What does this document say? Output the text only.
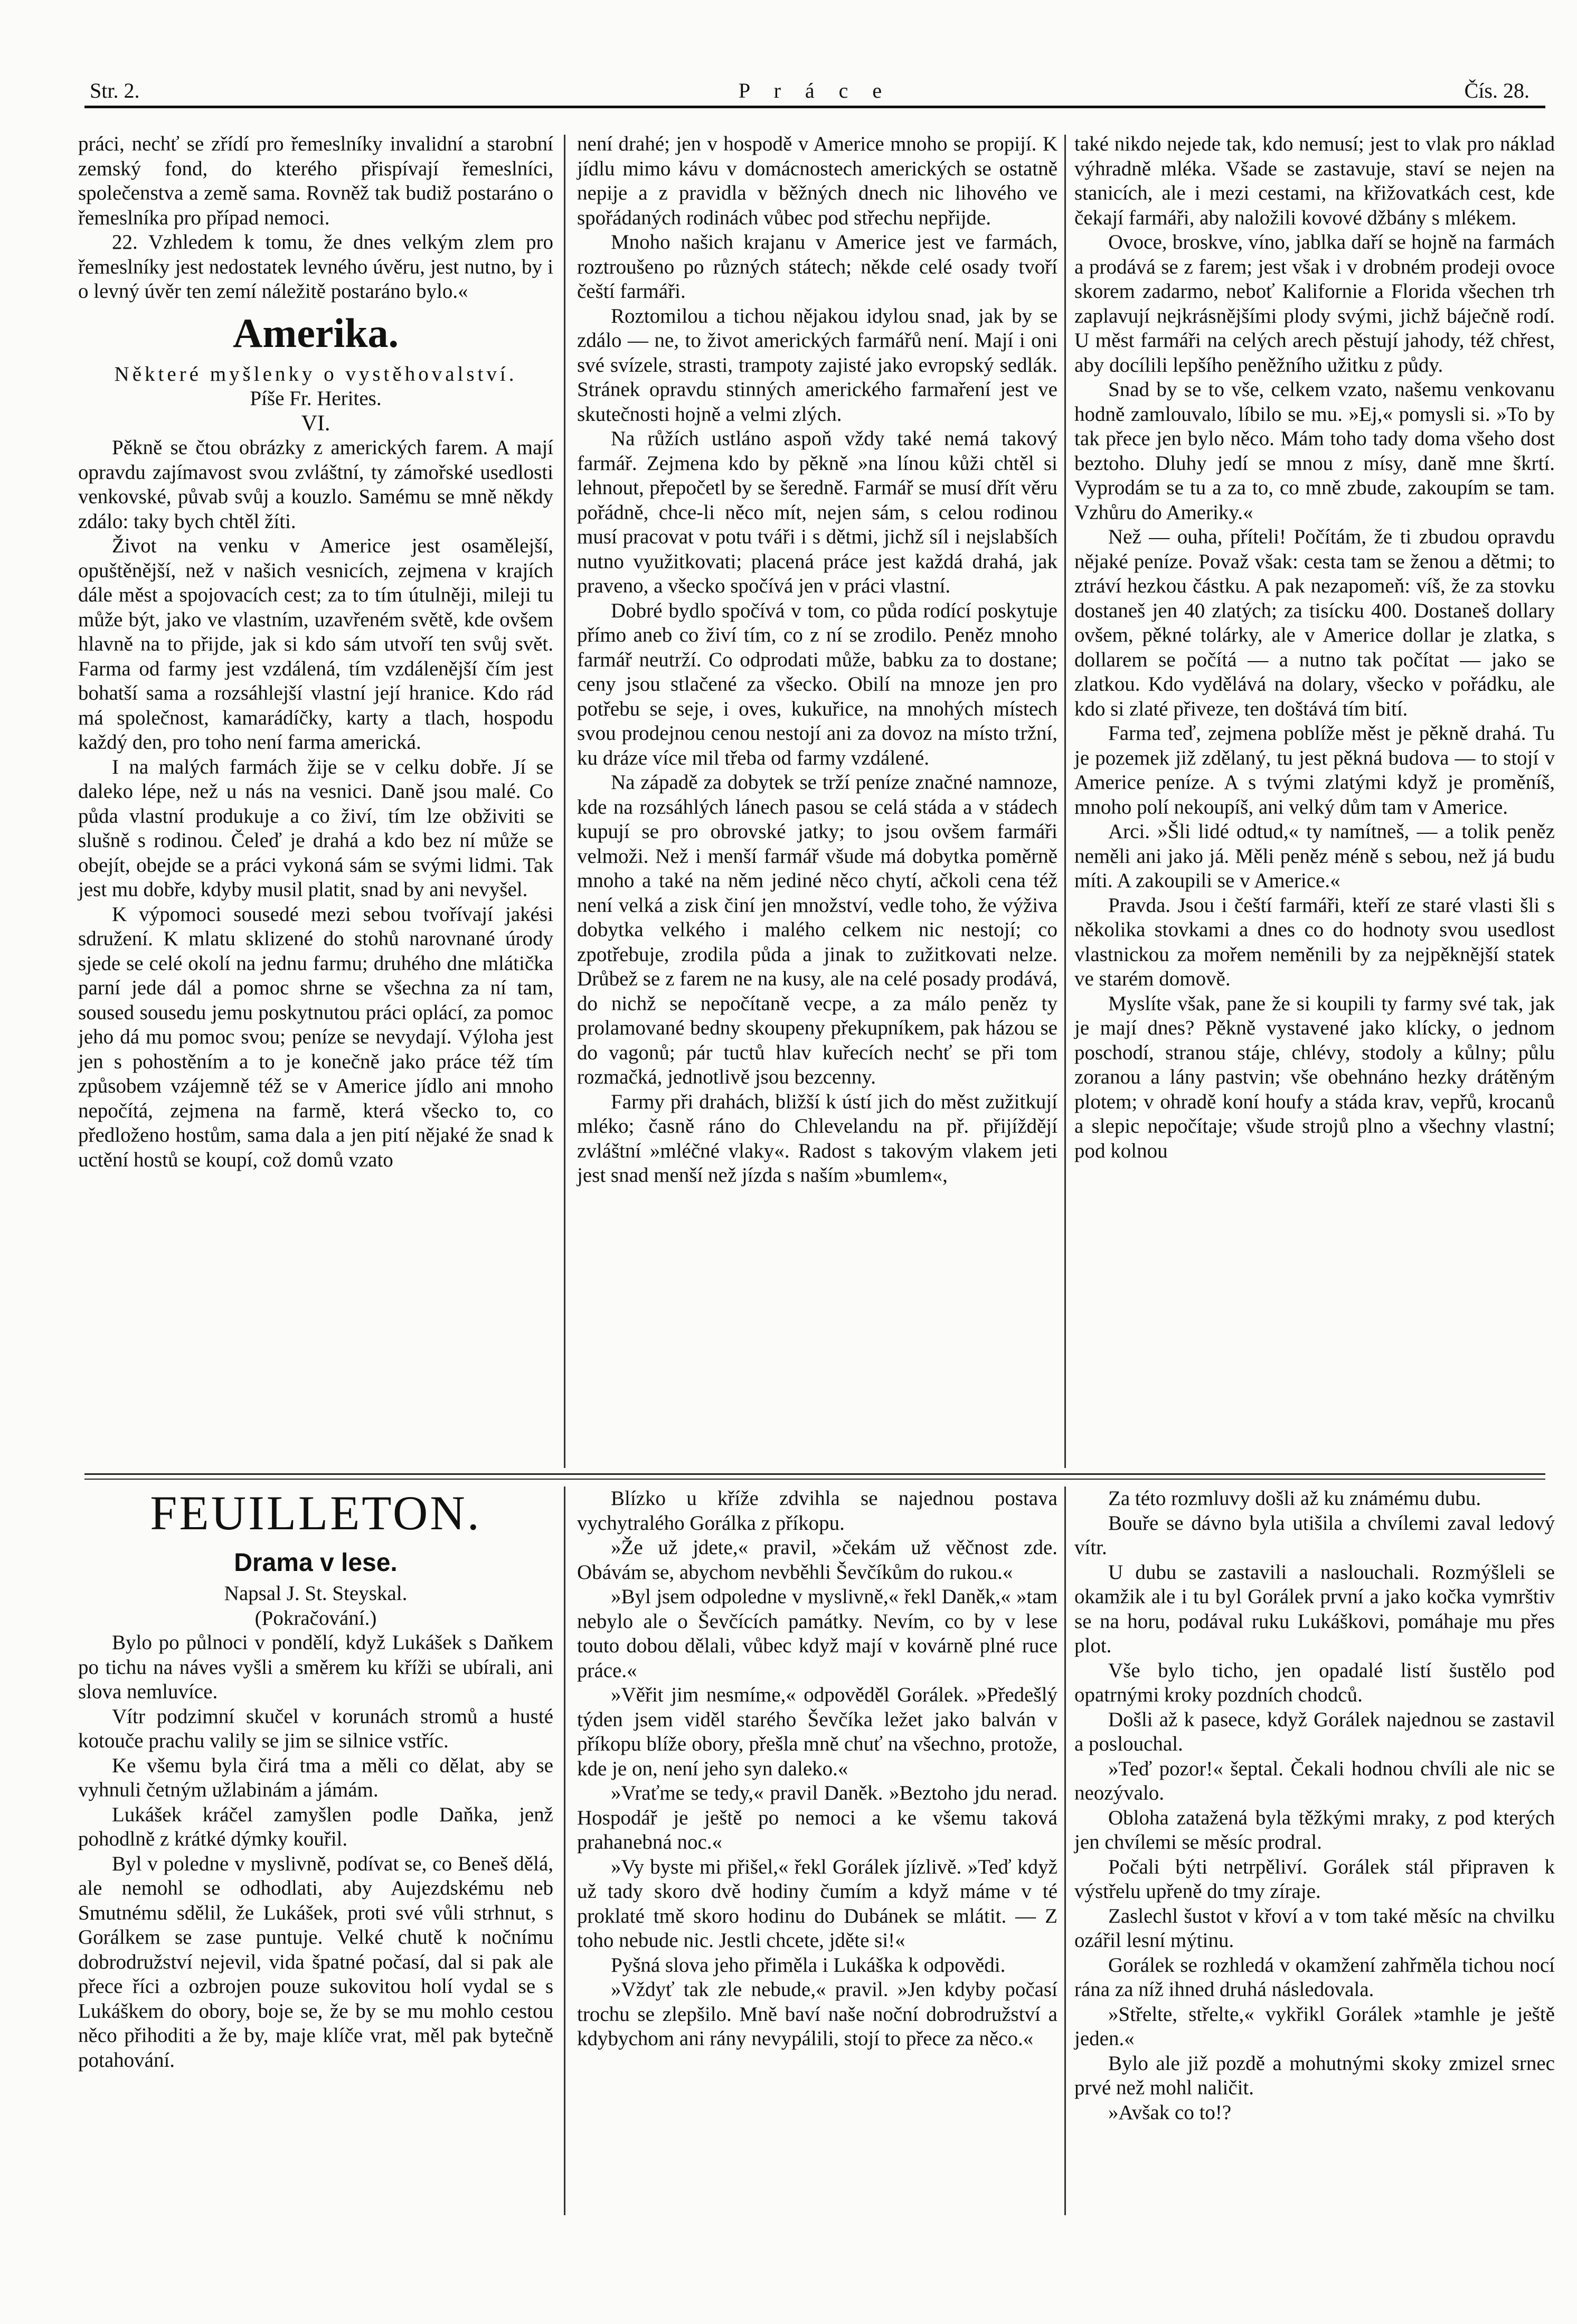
Str. 2.	P r á c e	Čís. 28.

práci, nechť se zřídí pro řemeslníky invalidní a starobní zemský fond, do kterého přispívají řemeslníci, společenstva a země sama. Rovněž tak budiž postaráno o řemeslníka pro případ nemoci.

22. Vzhledem k tomu, že dnes velkým zlem pro řemeslníky jest nedostatek levného úvěru, jest nutno, by i o levný úvěr ten zemí náležitě postaráno bylo.«

Amerika.

Některé myšlenky o vystěhovalství.

Píše Fr. Herites.

VI.

Pěkně se čtou obrázky z amerických farem. A mají opravdu zajímavost svou zvláštní, ty zámořské usedlosti venkovské, půvab svůj a kouzlo. Samému se mně někdy zdálo: taky bych chtěl žíti.

Život na venku v Americe jest osamělejší, opuštěnější, než v našich vesnicích, zejmena v krajích dále měst a spojovacích cest; za to tím útulněji, mileji tu může být, jako ve vlastním, uzavřeném světě, kde ovšem hlavně na to přijde, jak si kdo sám utvoří ten svůj svět. Farma od farmy jest vzdálená, tím vzdálenější čím jest bohatší sama a rozsáhlejší vlastní její hranice. Kdo rád má společnost, kamarádíčky, karty a tlach, hospodu každý den, pro toho není farma americká.

I na malých farmách žije se v celku dobře. Jí se daleko lépe, než u nás na vesnici. Daně jsou malé. Co půda vlastní produkuje a co živí, tím lze obživiti se slušně s rodinou. Čeleď je drahá a kdo bez ní může se obejít, obejde se a práci vykoná sám se svými lidmi. Tak jest mu dobře, kdyby musil platit, snad by ani nevyšel.

K výpomoci sousedé mezi sebou tvořívají jakési sdružení. K mlatu sklizené do stohů narovnané úrody sjede se celé okolí na jednu farmu; druhého dne mlátička parní jede dál a pomoc shrne se všechna za ní tam, soused sousedu jemu poskytnutou práci oplácí, za pomoc jeho dá mu pomoc svou; peníze se nevydají. Výloha jest jen s pohostěním a to je konečně jako práce též tím způsobem vzájemně též se v Americe jídlo ani mnoho nepočítá, zejmena na farmě, která všecko to, co předloženo hostům, sama dala a jen pití nějaké že snad k uctění hostů se koupí, což domů vzato

není drahé; jen v hospodě v Americe mnoho se propijí. K jídlu mimo kávu v domácnostech amerických se ostatně nepije a z pravidla v běžných dnech nic lihového ve spořádaných rodinách vůbec pod střechu nepřijde.

Mnoho našich krajanu v Americe jest ve farmách, roztroušeno po různých státech; někde celé osady tvoří čeští farmáři.

Roztomilou a tichou nějakou idylou snad, jak by se zdálo — ne, to život amerických farmářů není. Mají i oni své svízele, strasti, trampoty zajisté jako evropský sedlák. Stránek opravdu stinných amerického farmaření jest ve skutečnosti hojně a velmi zlých.

Na růžích ustláno aspoň vždy také nemá takový farmář. Zejmena kdo by pěkně »na línou kůži chtěl si lehnout, přepočetl by se šeredně. Farmář se musí dřít věru pořádně, chce-li něco mít, nejen sám, s celou rodinou musí pracovat v potu tváři i s dětmi, jichž síl i nejslabších nutno využitkovati; placená práce jest každá drahá, jak praveno, a všecko spočívá jen v práci vlastní.

Dobré bydlo spočívá v tom, co půda rodící poskytuje přímo aneb co živí tím, co z ní se zrodilo. Peněz mnoho farmář neutrží. Co odprodati může, babku za to dostane; ceny jsou stlačené za všecko. Obilí na mnoze jen pro potřebu se seje, i oves, kukuřice, na mnohých místech svou prodejnou cenou nestojí ani za dovoz na místo tržní, ku dráze více mil třeba od farmy vzdálené.

Na západě za dobytek se trží peníze značné namnoze, kde na rozsáhlých lánech pasou se celá stáda a v stádech kupují se pro obrovské jatky; to jsou ovšem farmáři velmoži. Než i menší farmář všude má dobytka poměrně mnoho a také na něm jediné něco chytí, ačkoli cena též není velká a zisk činí jen množství, vedle toho, že výživa dobytka velkého i malého celkem nic nestojí; co zpotřebuje, zrodila půda a jinak to zužitkovati nelze. Drůbež se z farem ne na kusy, ale na celé posady prodává, do nichž se nepočítaně vecpe, a za málo peněz ty prolamované bedny skoupeny překupníkem, pak házou se do vagonů; pár tuctů hlav kuřecích nechť se při tom rozmačká, jednotlivě jsou bezcenny.

Farmy při drahách, bližší k ústí jich do měst zužitkují mléko; časně ráno do Chlevelandu na př. přijíždějí zvláštní »mléčné vlaky«. Radost s takovým vlakem jeti jest snad menší než jízda s naším »bumlem«,

také nikdo nejede tak, kdo nemusí; jest to vlak pro náklad výhradně mléka. Všade se zastavuje, staví se nejen na stanicích, ale i mezi cestami, na křižovatkách cest, kde čekají farmáři, aby naložili kovové džbány s mlékem.

Ovoce, broskve, víno, jablka daří se hojně na farmách a prodává se z farem; jest však i v drobném prodeji ovoce skorem zadarmo, neboť Kalifornie a Florida všechen trh zaplavují nejkrásnějšími plody svými, jichž báječně rodí. U měst farmáři na celých arech pěstují jahody, též chřest, aby docílili lepšího peněžního užitku z půdy.

Snad by se to vše, celkem vzato, našemu venkovanu hodně zamlouvalo, líbilo se mu. »Ej,« pomysli si. »To by tak přece jen bylo něco. Mám toho tady doma všeho dost beztoho. Dluhy jedí se mnou z mísy, daně mne škrtí. Vyprodám se tu a za to, co mně zbude, zakoupím se tam. Vzhůru do Ameriky.«

Než — ouha, příteli! Počítám, že ti zbudou opravdu nějaké peníze. Považ však: cesta tam se ženou a dětmi; to ztráví hezkou částku. A pak nezapomeň: víš, že za stovku dostaneš jen 40 zlatých; za tisícku 400. Dostaneš dollary ovšem, pěkné tolárky, ale v Americe dollar je zlatka, s dollarem se počítá — a nutno tak počítat — jako se zlatkou. Kdo vydělává na dolary, všecko v pořádku, ale kdo si zlaté přiveze, ten doštává tím bití.

Farma teď, zejmena poblíže měst je pěkně drahá. Tu je pozemek již zdělaný, tu jest pěkná budova — to stojí v Americe peníze. A s tvými zlatými když je proměníš, mnoho polí nekoupíš, ani velký dům tam v Americe.

Arci. »Šli lidé odtud,« ty namítneš, — a tolik peněz neměli ani jako já. Měli peněz méně s sebou, než já budu míti. A zakoupili se v Americe.«

Pravda. Jsou i čeští farmáři, kteří ze staré vlasti šli s několika stovkami a dnes co do hodnoty svou usedlost vlastnickou za mořem neměnili by za nejpěknější statek ve starém domově.

Myslíte však, pane že si koupili ty farmy své tak, jak je mají dnes? Pěkně vystavené jako klícky, o jednom poschodí, stranou stáje, chlévy, stodoly a kůlny; půlu zoranou a lány pastvin; vše obehnáno hezky drátěným plotem; v ohradě koní houfy a stáda krav, vepřů, krocanů a slepic nepočítaje; všude strojů plno a všechny vlastní; pod kolnou

FEUILLETON.

Drama v lese.

Napsal J. St. Steyskal.

(Pokračování.)

Bylo po půlnoci v pondělí, když Lukášek s Daňkem po tichu na náves vyšli a směrem ku kříži se ubírali, ani slova nemluvíce.

Vítr podzimní skučel v korunách stromů a husté kotouče prachu valily se jim se silnice vstříc.

Ke všemu byla čirá tma a měli co dělat, aby se vyhnuli četným užlabinám a jámám.

Lukášek kráčel zamyšlen podle Daňka, jenž pohodlně z krátké dýmky kouřil.

Byl v poledne v myslivně, podívat se, co Beneš dělá, ale nemohl se odhodlati, aby Aujezdskému neb Smutnému sdělil, že Lukášek, proti své vůli strhnut, s Gorálkem se zase puntuje. Velké chutě k nočnímu dobrodružství nejevil, vida špatné počasí, dal si pak ale přece říci a ozbrojen pouze sukovitou holí vydal se s Lukáškem do obory, boje se, že by se mu mohlo cestou něco přihoditi a že by, maje klíče vrat, měl pak bytečně potahování.

Blízko u kříže zdvihla se najednou postava vychytralého Gorálka z příkopu.

»Že už jdete,« pravil, »čekám už věčnost zde. Obávám se, abychom nevběhli Ševčíkům do rukou.«

»Byl jsem odpoledne v myslivně,« řekl Daněk,« »tam nebylo ale o Ševčících památky. Nevím, co by v lese touto dobou dělali, vůbec když mají v kovárně plné ruce práce.«

»Věřit jim nesmíme,« odpověděl Gorálek. »Předešlý týden jsem viděl starého Ševčíka ležet jako balván v příkopu blíže obory, přešla mně chuť na všechno, protože, kde je on, není jeho syn daleko.«

»Vraťme se tedy,« pravil Daněk. »Beztoho jdu nerad. Hospodář je ještě po nemoci a ke všemu taková prahanebná noc.«

»Vy byste mi přišel,« řekl Gorálek jízlivě. »Teď když už tady skoro dvě hodiny čumím a když máme v té proklaté tmě skoro hodinu do Dubánek se mlátit. — Z toho nebude nic. Jestli chcete, jděte si!«

Pyšná slova jeho přiměla i Lukáška k odpovědi.

»Vždyť tak zle nebude,« pravil. »Jen kdyby počasí trochu se zlepšilo. Mně baví naše noční dobrodružství a kdybychom ani rány nevypálili, stojí to přece za něco.«

Za této rozmluvy došli až ku známému dubu.

Bouře se dávno byla utišila a chvílemi zaval ledový vítr.

U dubu se zastavili a naslouchali. Rozmýšleli se okamžik ale i tu byl Gorálek první a jako kočka vymrštiv se na horu, podával ruku Lukáškovi, pomáhaje mu přes plot.

Vše bylo ticho, jen opadalé listí šustělo pod opatrnými kroky pozdních chodců.

Došli až k pasece, když Gorálek najednou se zastavil a poslouchal.

»Teď pozor!« šeptal. Čekali hodnou chvíli ale nic se neozývalo.

Obloha zatažená byla těžkými mraky, z pod kterých jen chvílemi se měsíc prodral.

Počali býti netrpěliví. Gorálek stál připraven k výstřelu upřeně do tmy zíraje.

Zaslechl šustot v křoví a v tom také měsíc na chvilku ozářil lesní mýtinu.

Gorálek se rozhledá v okamžení zahřměla tichou nocí rána za níž ihned druhá následovala.

»Střelte, střelte,« vykřikl Gorálek »tamhle je ještě jeden.«

Bylo ale již pozdě a mohutnými skoky zmizel srnec prvé než mohl naličit.

»Avšak co to!?
